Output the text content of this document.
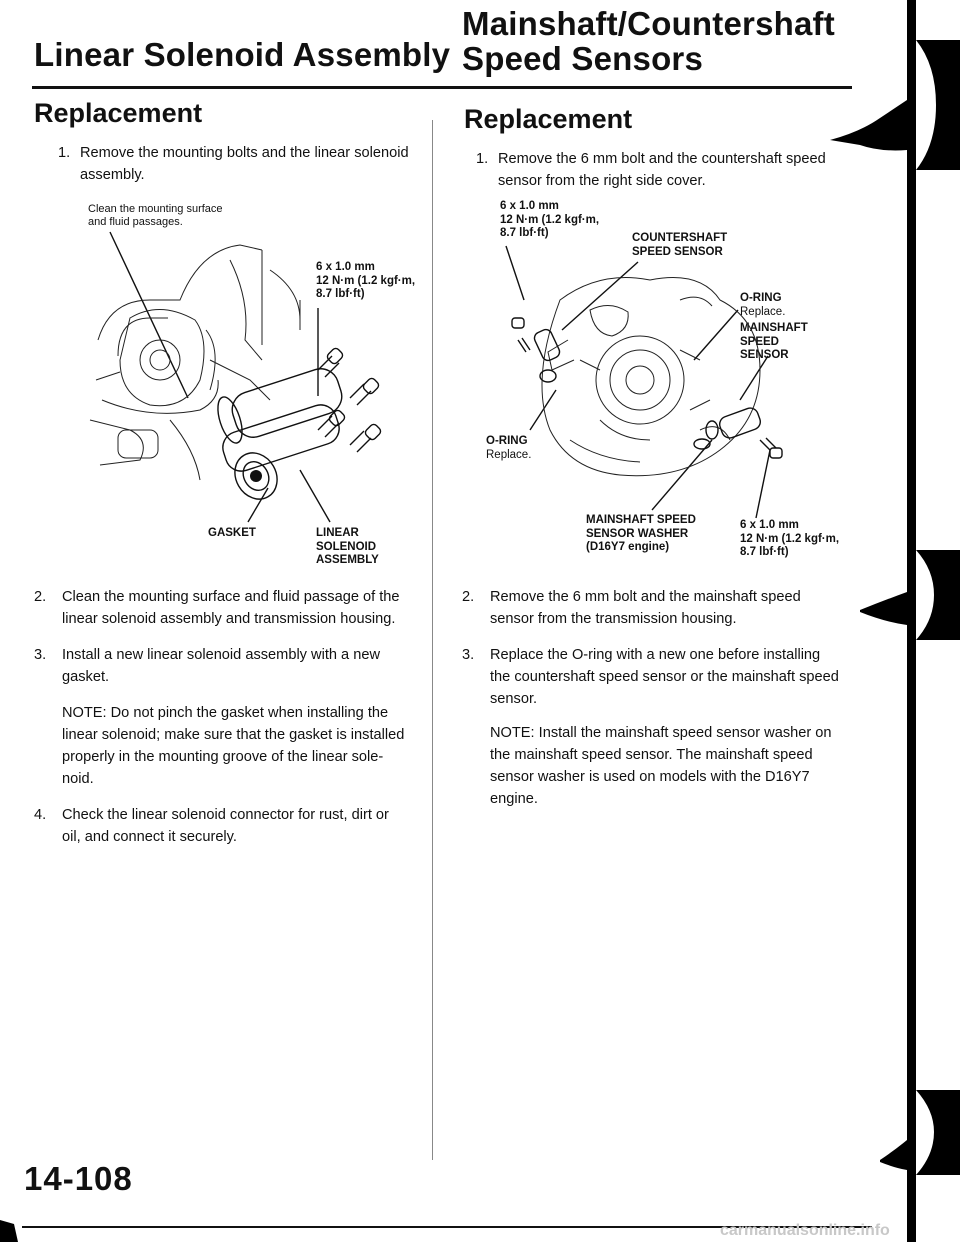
Linear Solenoid Assembly
Mainshaft/Countershaft
Speed Sensors
Replacement	Replacement
1. Remove the mounting bolts and the linear solenoid
assembly.
Clean the mounting surface
and fluid passages.
6 x 1.0 mm
12 N·m (1.2 kgf·m,
8.7 lbf·ft)
GASKET	LINEAR
SOLENOID
ASSEMBLY
2. Clean the mounting surface and fluid passage of the
linear solenoid assembly and transmission housing.
3. Install a new linear solenoid assembly with a new
gasket.
NOTE: Do not pinch the gasket when installing the
linear solenoid; make sure that the gasket is installed
properly in the mounting groove of the linear sole-
noid.
4. Check the linear solenoid connector for rust, dirt or
oil, and connect it securely.
1. Remove the 6 mm bolt and the countershaft speed
sensor from the right side cover.
6 x 1.0 mm
12 N·m (1.2 kgf·m,
8.7 lbf·ft)	COUNTERSHAFT
SPEED SENSOR
O-RING
Replace.
MAINSHAFT
SPEED
SENSOR
O-RING
Replace.
MAINSHAFT SPEED
SENSOR WASHER
(D16Y7 engine)
6 x 1.0 mm
12 N·m (1.2 kgf·m,
8.7 lbf·ft)
2. Remove the 6 mm bolt and the mainshaft speed
sensor from the transmission housing.
3. Replace the O-ring with a new one before installing
the countershaft speed sensor or the mainshaft speed
sensor.
NOTE: Install the mainshaft speed sensor washer on
the mainshaft speed sensor. The mainshaft speed
sensor washer is used on models with the D16Y7
engine.
14-108
carmanualsonline.info
